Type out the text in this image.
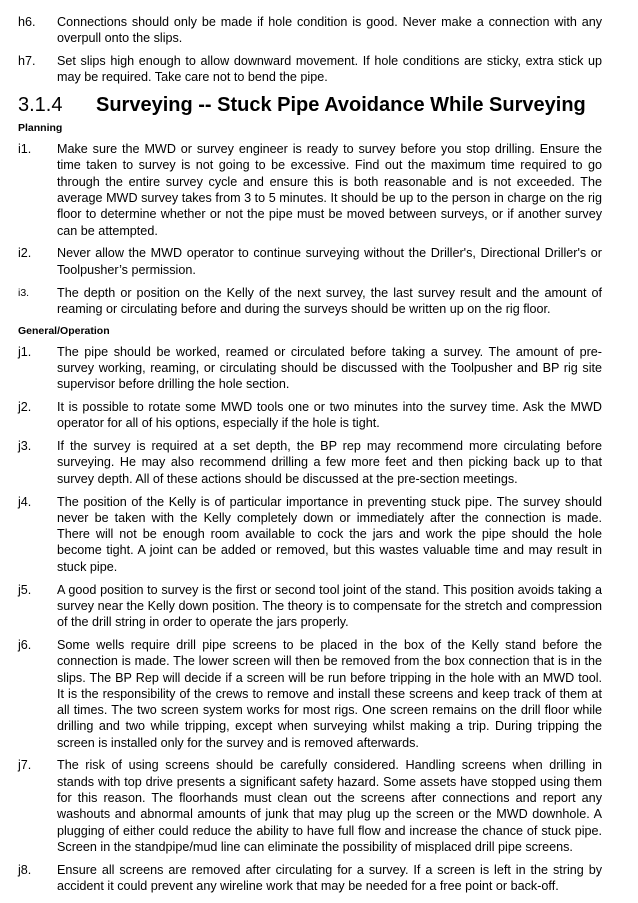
h6.	Connections should only be made if hole condition is good. Never make a connection with any overpull onto the slips.
h7.	Set slips high enough to allow downward movement. If hole conditions are sticky, extra stick up may be required. Take care not to bend the pipe.
3.1.4	Surveying -- Stuck Pipe Avoidance While Surveying
Planning
i1.	Make sure the MWD or survey engineer is ready to survey before you stop drilling. Ensure the time taken to survey is not going to be excessive. Find out the maximum time required to go through the entire survey cycle and ensure this is both reasonable and is not exceeded. The average MWD survey takes from 3 to 5 minutes. It should be up to the person in charge on the rig floor to determine whether or not the pipe must be moved between surveys, or if another survey can be attempted.
i2.	Never allow the MWD operator to continue surveying without the Driller's, Directional Driller's or Toolpusher’s permission.
i3.	The depth or position on the Kelly of the next survey, the last survey result and the amount of reaming or circulating before and during the surveys should be written up on the rig floor.
General/Operation
j1.	The pipe should be worked, reamed or circulated before taking a survey. The amount of pre-survey working, reaming, or circulating should be discussed with the Toolpusher and BP rig site supervisor before drilling the hole section.
j2.	It is possible to rotate some MWD tools one or two minutes into the survey time. Ask the MWD operator for all of his options, especially if the hole is tight.
j3.	If the survey is required at a set depth, the BP rep may recommend more circulating before surveying. He may also recommend drilling a few more feet and then picking back up to that survey depth. All of these actions should be discussed at the pre-section meetings.
j4.	The position of the Kelly is of particular importance in preventing stuck pipe. The survey should never be taken with the Kelly completely down or immediately after the connection is made. There will not be enough room available to cock the jars and work the pipe should the hole become tight. A joint can be added or removed, but this wastes valuable time and may result in stuck pipe.
j5.	A good position to survey is the first or second tool joint of the stand. This position avoids taking a survey near the Kelly down position. The theory is to compensate for the stretch and compression of the drill string in order to operate the jars properly.
j6.	Some wells require drill pipe screens to be placed in the box of the Kelly stand before the connection is made. The lower screen will then be removed from the box connection that is in the slips. The BP Rep will decide if a screen will be run before tripping in the hole with an MWD tool. It is the responsibility of the crews to remove and install these screens and keep track of them at all times. The two screen system works for most rigs. One screen remains on the drill floor while drilling and two while tripping, except when surveying whilst making a trip. During tripping the screen is installed only for the survey and is removed afterwards.
j7.	The risk of using screens should be carefully considered. Handling screens when drilling in stands with top drive presents a significant safety hazard. Some assets have stopped using them for this reason. The floorhands must clean out the screens after connections and report any washouts and abnormal amounts of junk that may plug up the screen or the MWD downhole. A plugging of either could reduce the ability to have full flow and increase the chance of stuck pipe. Screen in the standpipe/mud line can eliminate the possibility of misplaced drill pipe screens.
j8.	Ensure all screens are removed after circulating for a survey. If a screen is left in the string by accident it could prevent any wireline work that may be needed for a free point or back-off.
